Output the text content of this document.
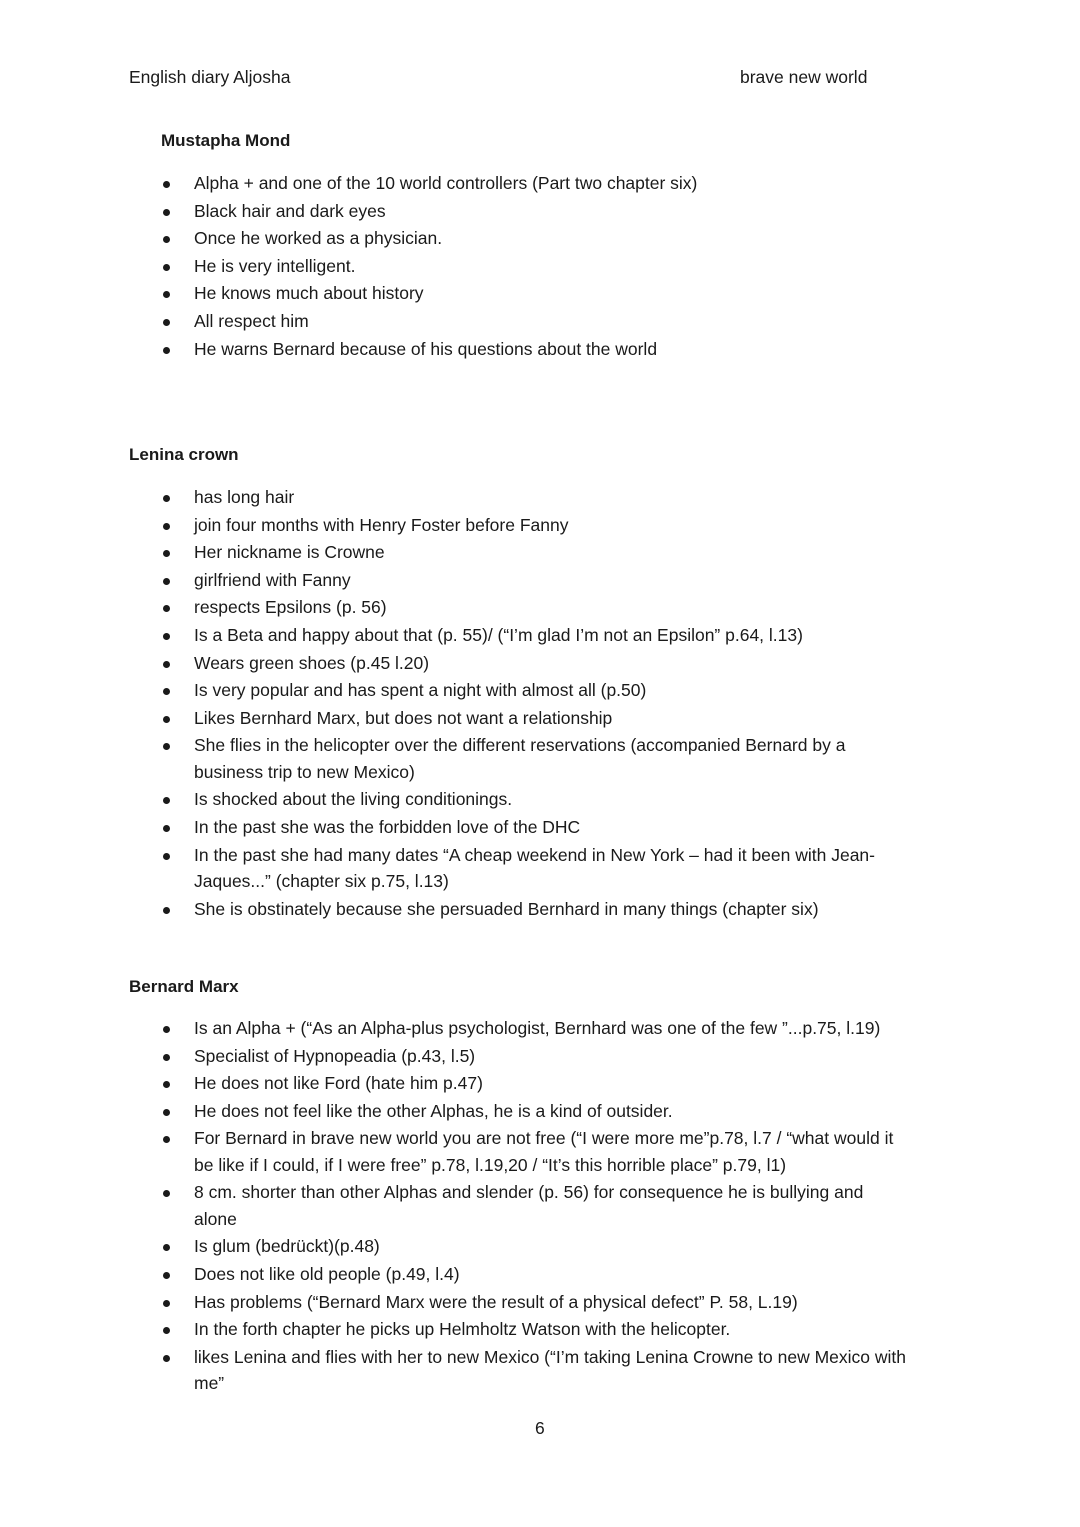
English diary Aljosha	brave new world
Mustapha Mond
Alpha + and one of the 10 world controllers (Part two chapter six)
Black hair and dark eyes
Once he worked as a physician.
He is very intelligent.
He knows much about history
All respect him
He warns Bernard because of his questions about the world
Lenina crown
has long hair
join four months with Henry Foster before Fanny
Her nickname is Crowne
girlfriend with Fanny
respects Epsilons (p. 56)
Is a Beta and happy about that (p. 55)/ (“I’m glad I’m not an Epsilon” p.64, l.13)
Wears green shoes (p.45 l.20)
Is very popular and has spent a night with almost all (p.50)
Likes Bernhard Marx, but does not want a relationship
She flies in the helicopter over the different reservations (accompanied Bernard by a business trip to new Mexico)
Is shocked about the living conditionings.
In the past she was the forbidden love of the DHC
In the past she had many dates “A cheap weekend in New York – had it been with Jean-Jaques...” (chapter six p.75, l.13)
She is obstinately because she persuaded Bernhard in many things (chapter six)
Bernard Marx
Is an Alpha + (“As an Alpha-plus psychologist, Bernhard was one of the few ”...p.75, l.19)
Specialist of Hypnopeadia (p.43, l.5)
He does not like Ford (hate him p.47)
He does not feel like the other Alphas, he is a kind of outsider.
For Bernard in brave new world you are not free (“I were more me”p.78, l.7 / “what would it be like if I could, if I were free” p.78, l.19,20 / “It’s this horrible place” p.79, l1)
8 cm. shorter than other Alphas and slender (p. 56) for consequence he is bullying and alone
Is glum (bedrückt)(p.48)
Does not like old people (p.49, l.4)
Has problems (“Bernard Marx were the result of a physical defect” P. 58, L.19)
In the forth chapter he picks up Helmholtz Watson with the helicopter.
likes Lenina and flies with her to new Mexico (“I’m taking Lenina Crowne to new Mexico with me”
6
